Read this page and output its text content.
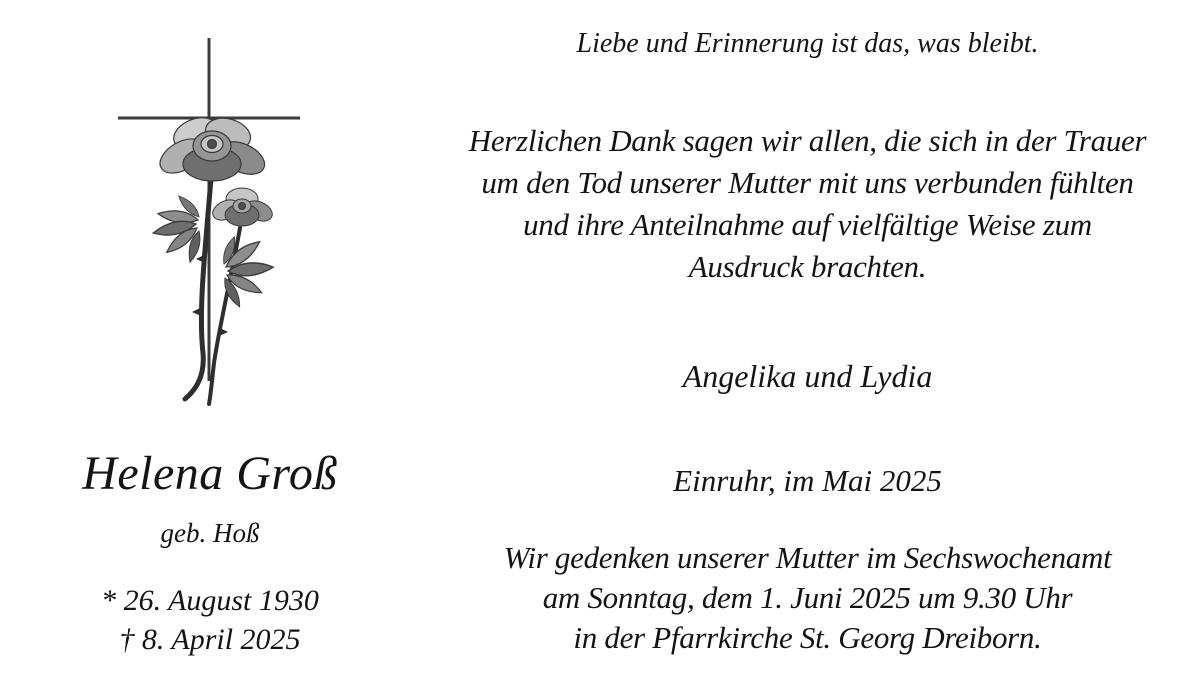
Helena Groß
geb. Hoß
* 26. August 1930
† 8. April 2025
Liebe und Erinnerung ist das, was bleibt.
Herzlichen Dank sagen wir allen, die sich in der Trauer
um den Tod unserer Mutter mit uns verbunden fühlten
und ihre Anteilnahme auf vielfältige Weise zum
Ausdruck brachten.
Angelika und Lydia
Einruhr, im Mai 2025
Wir gedenken unserer Mutter im Sechswochenamt
am Sonntag, dem 1. Juni 2025 um 9.30 Uhr
in der Pfarrkirche St. Georg Dreiborn.
